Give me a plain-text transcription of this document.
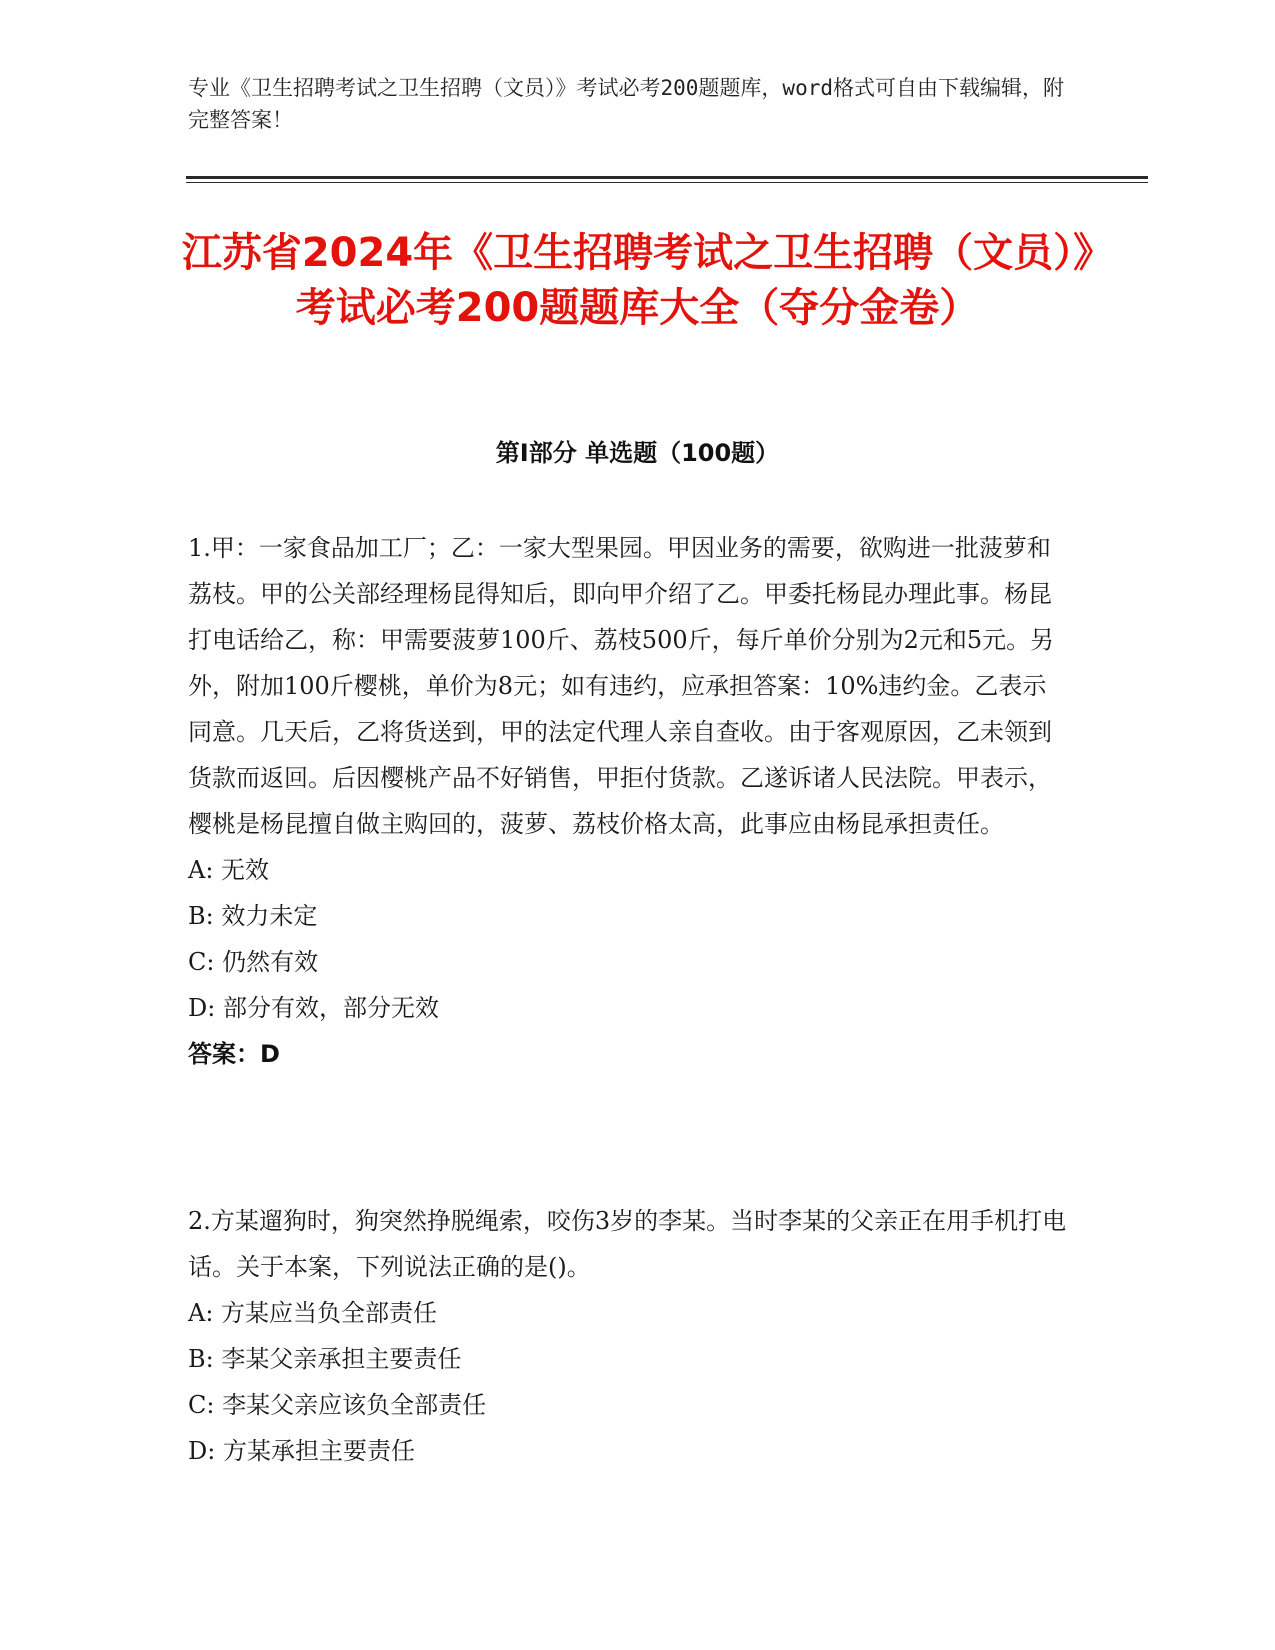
专业《卫生招聘考试之卫生招聘（文员）》考试必考200题题库，word格式可自由下载编辑，附完整答案！
江苏省2024年《卫生招聘考试之卫生招聘（文员）》考试必考200题题库大全（夺分金卷）
第I部分 单选题（100题）
1.甲：一家食品加工厂；乙：一家大型果园。甲因业务的需要，欲购进一批菠萝和荔枝。甲的公关部经理杨昆得知后，即向甲介绍了乙。甲委托杨昆办理此事。杨昆打电话给乙，称：甲需要菠萝100斤、荔枝500斤，每斤单价分别为2元和5元。另外，附加100斤樱桃，单价为8元；如有违约，应承担答案：10%违约金。乙表示同意。几天后，乙将货送到，甲的法定代理人亲自查收。由于客观原因，乙未领到货款而返回。后因樱桃产品不好销售，甲拒付货款。乙遂诉诸人民法院。甲表示，樱桃是杨昆擅自做主购回的，菠萝、荔枝价格太高，此事应由杨昆承担责任。
A: 无效
B: 效力未定
C: 仍然有效
D: 部分有效，部分无效
答案：D
2.方某遛狗时，狗突然挣脱绳索，咬伤3岁的李某。当时李某的父亲正在用手机打电话。关于本案，下列说法正确的是()。
A: 方某应当负全部责任
B: 李某父亲承担主要责任
C: 李某父亲应该负全部责任
D: 方某承担主要责任
